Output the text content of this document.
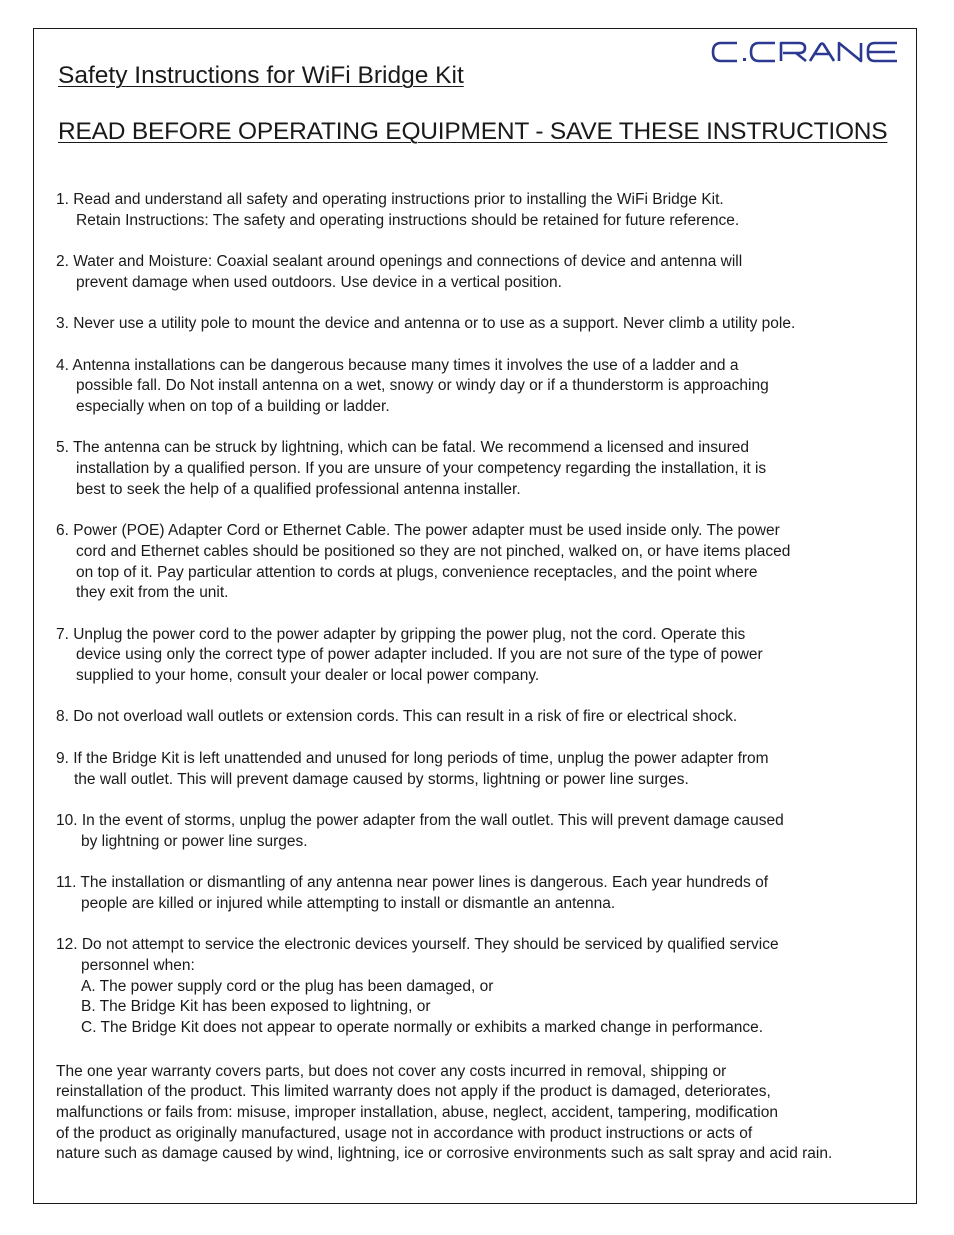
Safety Instructions for WiFi Bridge Kit
READ BEFORE OPERATING EQUIPMENT - SAVE THESE INSTRUCTIONS

1. Read and understand all safety and operating instructions prior to installing the WiFi Bridge Kit.

Retain Instructions: The safety and operating instructions should be retained for future reference.

2. Water and Moisture: Coaxial sealant around openings and connections of device and antenna will

prevent damage when used outdoors. Use device in a vertical position.

3. Never use a utility pole to mount the device and antenna or to use as a support. Never climb a utility pole.

4. Antenna installations can be dangerous because many times it involves the use of a ladder and a

possible fall. Do Not install antenna on a wet, snowy or windy day or if a thunderstorm is approaching

especially when on top of a building or ladder.

5. The antenna can be struck by lightning, which can be fatal. We recommend a licensed and insured

installation by a qualified person. If you are unsure of your competency regarding the installation, it is

best to seek the help of a qualified professional antenna installer.

6. Power (POE) Adapter Cord or Ethernet Cable. The power adapter must be used inside only. The power

cord and Ethernet cables should be positioned so they are not pinched, walked on, or have items placed

on top of it. Pay particular attention to cords at plugs, convenience receptacles, and the point where

they exit from the unit.

7. Unplug the power cord to the power adapter by gripping the power plug, not the cord. Operate this

device using only the correct type of power adapter included. If you are not sure of the type of power

supplied to your home, consult your dealer or local power company.

8. Do not overload wall outlets or extension cords. This can result in a risk of fire or electrical shock.

9. If the Bridge Kit is left unattended and unused for long periods of time, unplug the power adapter from

the wall outlet. This will prevent damage caused by storms, lightning or power line surges.

10. In the event of storms, unplug the power adapter from the wall outlet. This will prevent damage caused

by lightning or power line surges.

11. The installation or dismantling of any antenna near power lines is dangerous. Each year hundreds of

people are killed or injured while attempting to install or dismantle an antenna.

12. Do not attempt to service the electronic devices yourself. They should be serviced by qualified service

personnel when:

A. The power supply cord or the plug has been damaged, or

B. The Bridge Kit has been exposed to lightning, or

C. The Bridge Kit does not appear to operate normally or exhibits a marked change in performance.

The one year warranty covers parts, but does not cover any costs incurred in removal, shipping or
reinstallation of the product. This limited warranty does not apply if the product is damaged, deteriorates,
malfunctions or fails from: misuse, improper installation, abuse, neglect, accident, tampering, modification
of the product as originally manufactured, usage not in accordance with product instructions or acts of
nature such as damage caused by wind, lightning, ice or corrosive environments such as salt spray and acid rain.
